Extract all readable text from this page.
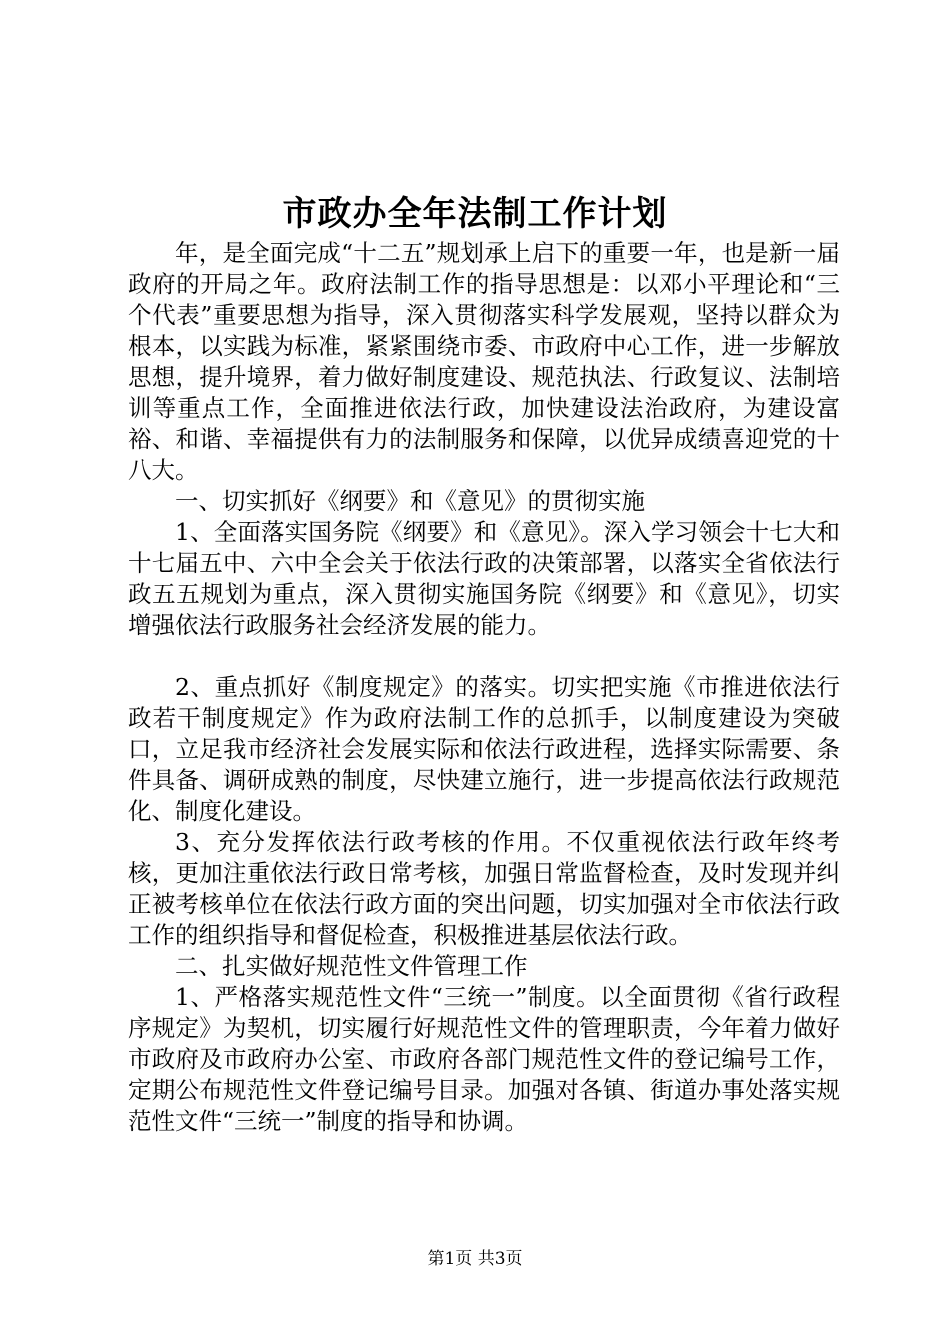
市政办全年法制工作计划

年，是全面完成“十二五”规划承上启下的重要一年，也是新一届政府的开局之年。政府法制工作的指导思想是：以邓小平理论和“三个代表”重要思想为指导，深入贯彻落实科学发展观，坚持以群众为根本，以实践为标准，紧紧围绕市委、市政府中心工作，进一步解放思想，提升境界，着力做好制度建设、规范执法、行政复议、法制培训等重点工作，全面推进依法行政，加快建设法治政府，为建设富裕、和谐、幸福提供有力的法制服务和保障，以优异成绩喜迎党的十八大。

一、切实抓好《纲要》和《意见》的贯彻实施

1、全面落实国务院《纲要》和《意见》。深入学习领会十七大和十七届五中、六中全会关于依法行政的决策部署，以落实全省依法行政五五规划为重点，深入贯彻实施国务院《纲要》和《意见》，切实增强依法行政服务社会经济发展的能力。

2、重点抓好《制度规定》的落实。切实把实施《市推进依法行政若干制度规定》作为政府法制工作的总抓手，以制度建设为突破口，立足我市经济社会发展实际和依法行政进程，选择实际需要、条件具备、调研成熟的制度，尽快建立施行，进一步提高依法行政规范化、制度化建设。

3、充分发挥依法行政考核的作用。不仅重视依法行政年终考核，更加注重依法行政日常考核，加强日常监督检查，及时发现并纠正被考核单位在依法行政方面的突出问题，切实加强对全市依法行政工作的组织指导和督促检查，积极推进基层依法行政。

二、扎实做好规范性文件管理工作

1、严格落实规范性文件“三统一”制度。以全面贯彻《省行政程序规定》为契机，切实履行好规范性文件的管理职责，今年着力做好市政府及市政府办公室、市政府各部门规范性文件的登记编号工作，定期公布规范性文件登记编号目录。加强对各镇、街道办事处落实规范性文件“三统一”制度的指导和协调。

第1页 共3页
